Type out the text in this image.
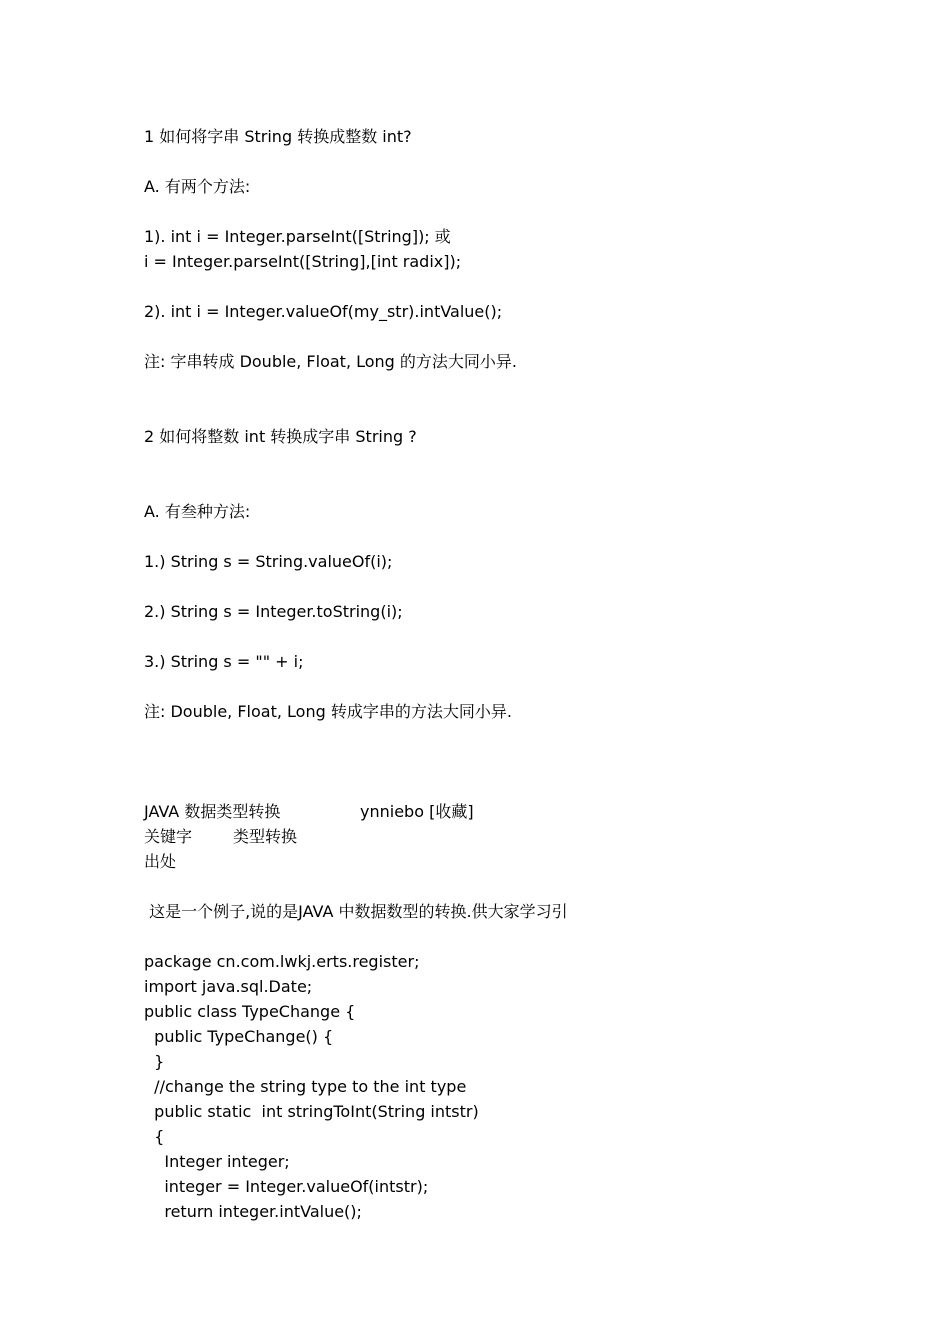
1 如何将字串 String 转换成整数 int?
A. 有两个方法:
1). int i = Integer.parseInt([String]); 或
i = Integer.parseInt([String],[int radix]);
2). int i = Integer.valueOf(my_str).intValue();
注: 字串转成 Double, Float, Long 的方法大同小异.
2 如何将整数 int 转换成字串 String ?
A. 有叁种方法:
1.) String s = String.valueOf(i);
2.) String s = Integer.toString(i);
3.) String s = "" + i;
注: Double, Float, Long 转成字串的方法大同小异.
JAVA 数据类型转换	ynniebo [收藏]
关键字	类型转换
出处
这是一个例子,说的是JAVA 中数据数型的转换.供大家学习引
package cn.com.lwkj.erts.register;
import java.sql.Date;
public class TypeChange {
public TypeChange() {
}
//change the string type to the int type
public static  int stringToInt(String intstr)
{
Integer integer;
integer = Integer.valueOf(intstr);
return integer.intValue();
